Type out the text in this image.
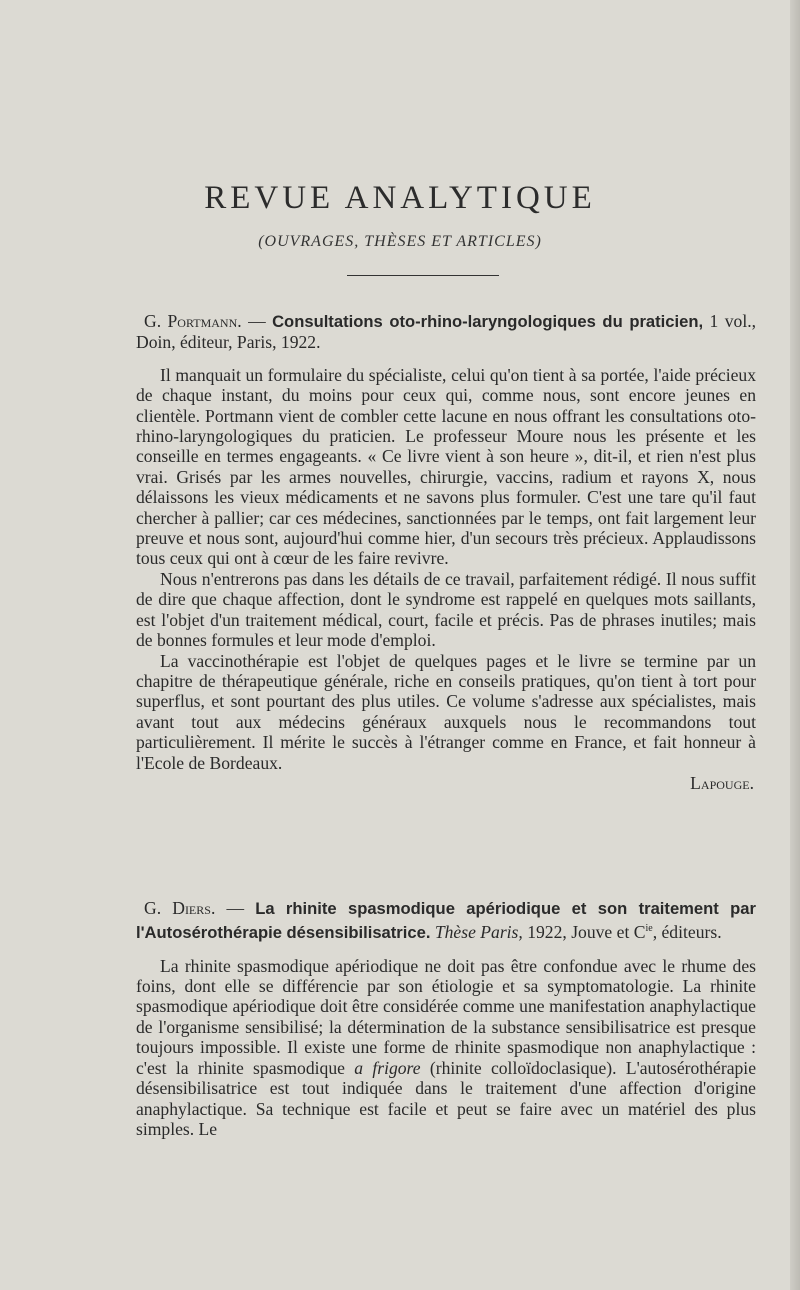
REVUE ANALYTIQUE
(OUVRAGES, THÈSES ET ARTICLES)

G. Portmann. — Consultations oto-rhino-laryngologiques du praticien, 1 vol., Doin, éditeur, Paris, 1922.

Il manquait un formulaire du spécialiste, celui qu'on tient à sa portée, l'aide précieux de chaque instant, du moins pour ceux qui, comme nous, sont encore jeunes en clientèle. Portmann vient de combler cette lacune en nous offrant les consultations oto-rhino-laryngologiques du praticien. Le professeur Moure nous les présente et les conseille en termes engageants. « Ce livre vient à son heure », dit-il, et rien n'est plus vrai. Grisés par les armes nouvelles, chirurgie, vaccins, radium et rayons X, nous délaissons les vieux médicaments et ne savons plus formuler. C'est une tare qu'il faut chercher à pallier; car ces médecines, sanctionnées par le temps, ont fait largement leur preuve et nous sont, aujourd'hui comme hier, d'un secours très précieux. Applaudissons tous ceux qui ont à cœur de les faire revivre.

Nous n'entrerons pas dans les détails de ce travail, parfaitement rédigé. Il nous suffit de dire que chaque affection, dont le syndrome est rappelé en quelques mots saillants, est l'objet d'un traitement médical, court, facile et précis. Pas de phrases inutiles; mais de bonnes formules et leur mode d'emploi.

La vaccinothérapie est l'objet de quelques pages et le livre se termine par un chapitre de thérapeutique générale, riche en conseils pratiques, qu'on tient à tort pour superflus, et sont pourtant des plus utiles. Ce volume s'adresse aux spécialistes, mais avant tout aux médecins généraux auxquels nous le recommandons tout particulièrement. Il mérite le succès à l'étranger comme en France, et fait honneur à l'Ecole de Bordeaux.

Lapouge.

G. Diers. — La rhinite spasmodique apériodique et son traitement par l'Autosérothérapie désensibilisatrice. Thèse Paris, 1922, Jouve et $C^{ie}$, éditeurs.

La rhinite spasmodique apériodique ne doit pas être confondue avec le rhume des foins, dont elle se différencie par son étiologie et sa symptomatologie. La rhinite spasmodique apériodique doit être considérée comme une manifestation anaphylactique de l'organisme sensibilisé; la détermination de la substance sensibilisatrice est presque toujours impossible. Il existe une forme de rhinite spasmodique non anaphylactique : c'est la rhinite spasmodique a frigore (rhinite colloïdoclasique). L'autosérothérapie désensibilisatrice est tout indiquée dans le traitement d'une affection d'origine anaphylactique. Sa technique est facile et peut se faire avec un matériel des plus simples. Le
